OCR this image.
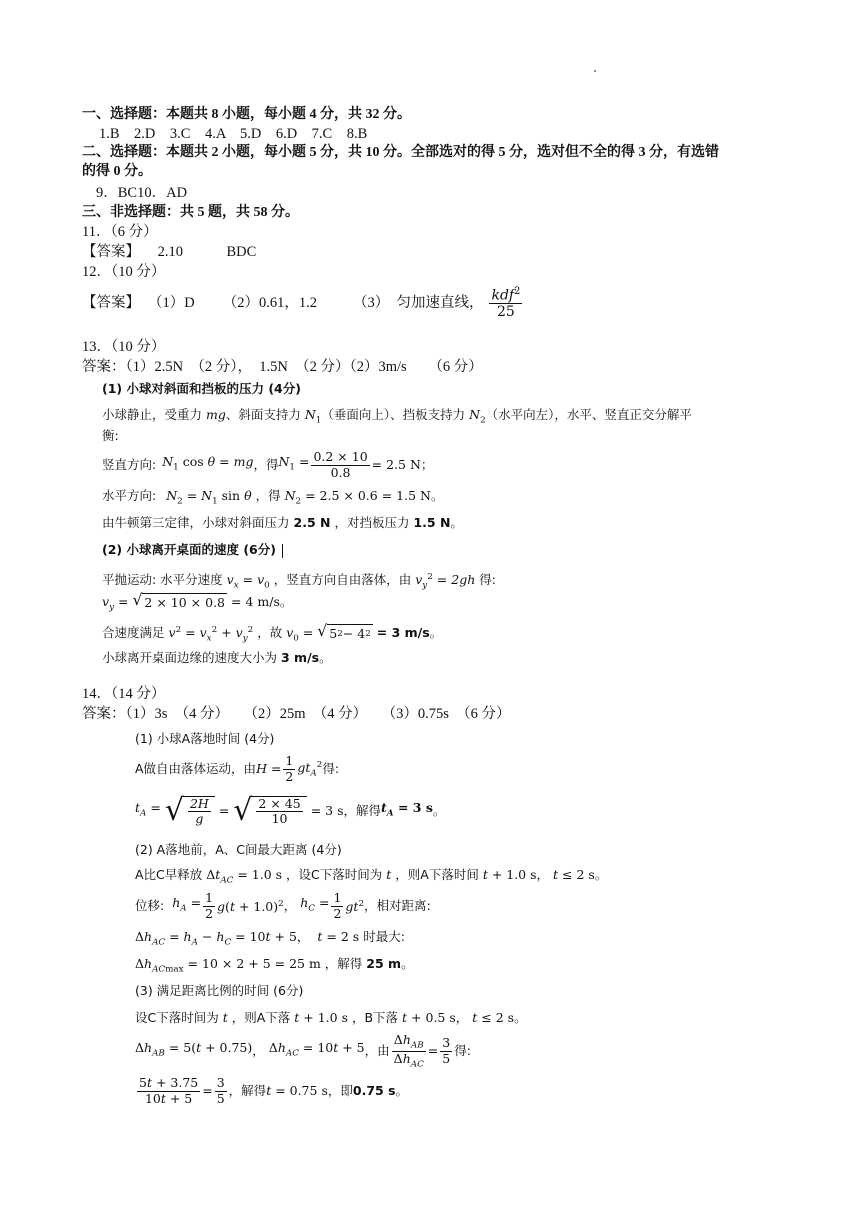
一、选择题：本题共 8 小题，每小题 4 分，共 32 分。
1.B　2.D　3.C　4.A　5.D　6.D　7.C　8.B
二、选择题：本题共 2 小题，每小题 5 分，共 10 分。全部选对的得 5 分，选对但不全的得 3 分，有选错
的得 0 分。
9．BC10．AD
三、非选择题：共 5 题，共 58 分。
11．（6 分）
【答案】 2.10　　　BDC
12．（10 分）
【答案】 （1）D （2）0.61，1.2 （3）　匀加速直线， $\frac{kdf^2}{25}$
13．（10 分）
答案：（1）2.5N　（2 分），　1.5N　（2 分）（2）3m/s　　（6 分）
(1) 小球对斜面和挡板的压力 (4分)
小球静止，受重力 mg、斜面支持力 $N_1$（垂面向上）、挡板支持力 $N_2$（水平向左），水平、竖直正交分解平
衡:
竖直方向: $N_1$ cos θ = mg ，得 $N_1 = \frac{0.2 \times 10}{0.8} = 2.5$ N ；
水平方向: $N_2 = N_1$ sin θ ，得 $N_2 = 2.5 \times 0.6 = 1.5$ N。
由牛顿第三定律，小球对斜面压力 2.5 N ，对挡板压力 1.5 N。
(2) 小球离开桌面的速度 (6分)
平抛运动: 水平分速度 $v_x = v_0$ ，竖直方向自由落体，由 $v_y^2 = 2gh$ 得:
$v_y$ = √ 2 × 10 × 0.8 = 4 m/s。
合速度满足 $v^2 = v_x^2 + v_y^2$ ，故 $v_0$ = √ 5 2 − 4 2 = 3 m/s。
小球离开桌面边缘的速度大小为 3 m/s。
14．（14 分）
答案：（1）3s　（4 分）　　（2）25m　（4 分）　　（3）0.75s　（6 分）
(1) 小球A落地时间 (4分)
A做自由落体运动，由 $H = \frac{1}{2} gt_A^2$ 得:
$t_A$ = √ $\frac{2H}{g}$ = √ $\frac{2 \times 45}{10} = 3$ s ，解得 $t_A = 3$ s 。
(2) A落地前，A、C间最大距离 (4分)
A比C早释放 $\Delta t_{AC} = 1.0$ s ，设C下落时间为 t ，则A下落时间 t + 1.0 s， t ≤ 2 s。
位移: $h_A = \frac{1}{2} g(t + 1.0)^2$ ， $h_C = \frac{1}{2} gt^2$ ，相对距离:
$\Delta h_{AC} = h_A - h_C = 10t + 5$， t = 2 s 时最大:
$\Delta h_{ACmax} = 10 \times 2 + 5 = 25$ m ，解得 25 m。
(3) 满足距离比例的时间 (6分)
设C下落时间为 t ，则A下落 t + 1.0 s ，B下落 t + 0.5 s， t ≤ 2 s。
$\Delta h_{AB} = 5(t + 0.75)$ ， $\Delta h_{AC} = 10t + 5$ ，由 $\frac{\Delta h_{AB}}{\Delta h_{AC}} = \frac{3}{5}$ 得:
$\frac{5t + 3.75}{10t + 5} = \frac{3}{5}$ ，解得 t = 0.75 s ，即 0.75 s 。
